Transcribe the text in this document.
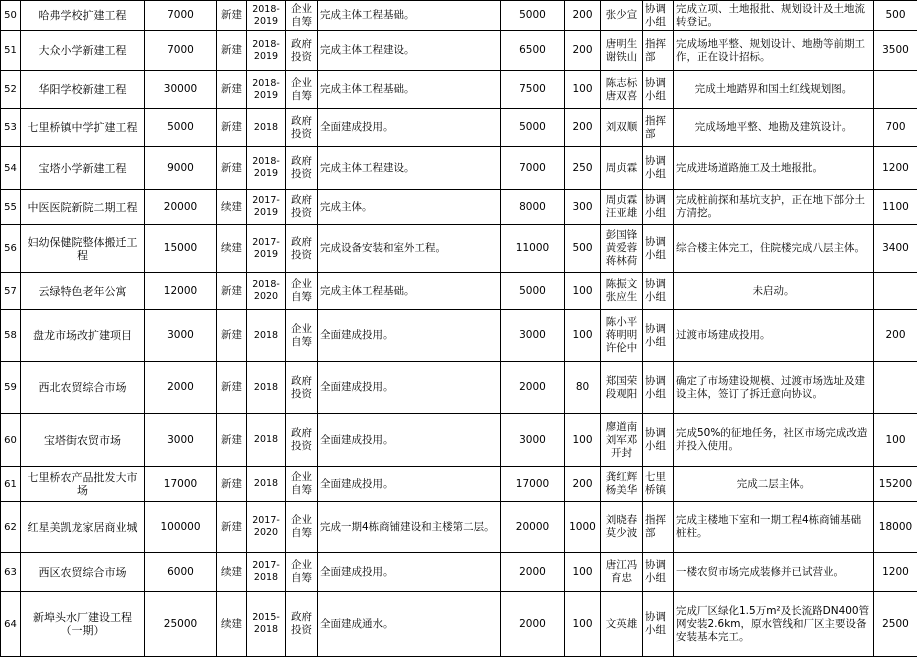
50	哈弗学校扩建工程	7000	新建	2018-2019	企业自筹	完成主体工程基础。	5000	200	张少宣	协调小组	完成立项、土地报批、规划设计及土地流转登记。	500
51	大众小学新建工程	7000	新建	2018-2019	政府投资	完成主体工程建设。	6500	200	唐明生谢铁山	指挥部	完成场地平整、规划设计、地勘等前期工作，正在设计招标。	3500
52	华阳学校新建工程	30000	新建	2018-2019	企业自筹	完成主体工程基础。	7500	100	陈志标唐双喜	协调小组	完成土地踏界和国土红线规划图。	
53	七里桥镇中学扩建工程	5000	新建	2018	政府投资	全面建成投用。	5000	200	刘双顺	指挥部	完成场地平整、地勘及建筑设计。	700
54	宝塔小学新建工程	9000	新建	2018-2019	政府投资	完成主体工程建设。	7000	250	周贞霖	协调小组	完成进场道路施工及土地报批。	1200
55	中医医院新院二期工程	20000	续建	2017-2019	政府投资	完成主体。	8000	300	周贞霖汪亚雄	协调小组	完成桩前探和基坑支护，正在地下部分土方清挖。	1100
56	妇幼保健院整体搬迁工程	15000	续建	2017-2019	政府投资	完成设备安装和室外工程。	11000	500	彭国锋黄爱蓉蒋林荷	协调小组	综合楼主体完工，住院楼完成八层主体。	3400
57	云绿特色老年公寓	12000	新建	2018-2020	企业自筹	完成主体工程基础。	5000	100	陈振文张应生	协调小组	未启动。	
58	盘龙市场改扩建项目	3000	新建	2018	企业自筹	全面建成投用。	3000	100	陈小平蒋明明许伦中	协调小组	过渡市场建成投用。	200
59	西北农贸综合市场	2000	新建	2018	政府投资	全面建成投用。	2000	80	郑国荣段观阳	协调小组	确定了市场建设规模、过渡市场选址及建设主体，签订了拆迁意向协议。	
60	宝塔街农贸市场	3000	新建	2018	政府投资	全面建成投用。	3000	100	廖道南刘军邓开封	协调小组	完成50%的征地任务，社区市场完成改造并投入使用。	100
61	七里桥农产品批发大市场	17000	新建	2018	企业自筹	全面建成投用。	17000	200	龚红辉杨美华	七里桥镇	完成二层主体。	15200
62	红星美凯龙家居商业城	100000	新建	2017-2020	企业自筹	完成一期4栋商铺建设和主楼第二层。	20000	1000	刘晓春莫少波	指挥部	完成主楼地下室和一期工程4栋商铺基础桩柱。	18000
63	西区农贸综合市场	6000	续建	2017-2018	企业自筹	全面建成投用。	2000	100	唐江冯育忠	协调小组	一楼农贸市场完成装修并已试营业。	1200
64	新埠头水厂建设工程（一期）	25000	续建	2015-2018	政府投资	全面建成通水。	2000	100	文英雄	协调小组	完成厂区绿化1.5万m²及长流路DN400管网安装2.6km，原水管线和厂区主要设备安装基本完工。	2500
